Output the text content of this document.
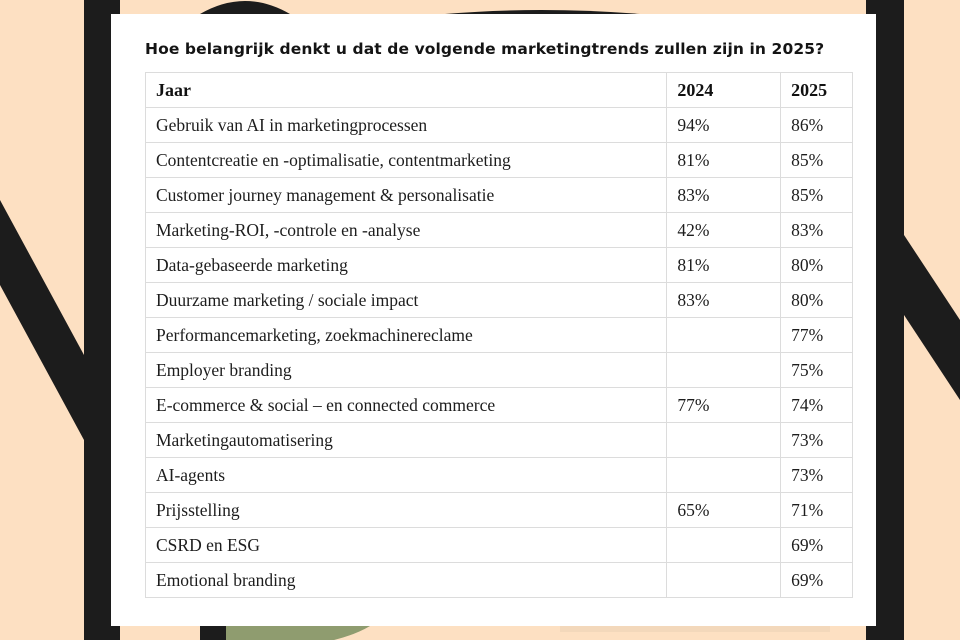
Hoe belangrijk denkt u dat de volgende marketingtrends zullen zijn in 2025?
Jaar	2024	2025
Gebruik van AI in marketingprocessen	94%	86%
Contentcreatie en -optimalisatie, contentmarketing	81%	85%
Customer journey management & personalisatie	83%	85%
Marketing-ROI, -controle en -analyse	42%	83%
Data-gebaseerde marketing	81%	80%
Duurzame marketing / sociale impact	83%	80%
Performancemarketing, zoekmachinereclame		77%
Employer branding		75%
E-commerce & social – en connected commerce	77%	74%
Marketingautomatisering		73%
AI-agents		73%
Prijsstelling	65%	71%
CSRD en ESG		69%
Emotional branding		69%
